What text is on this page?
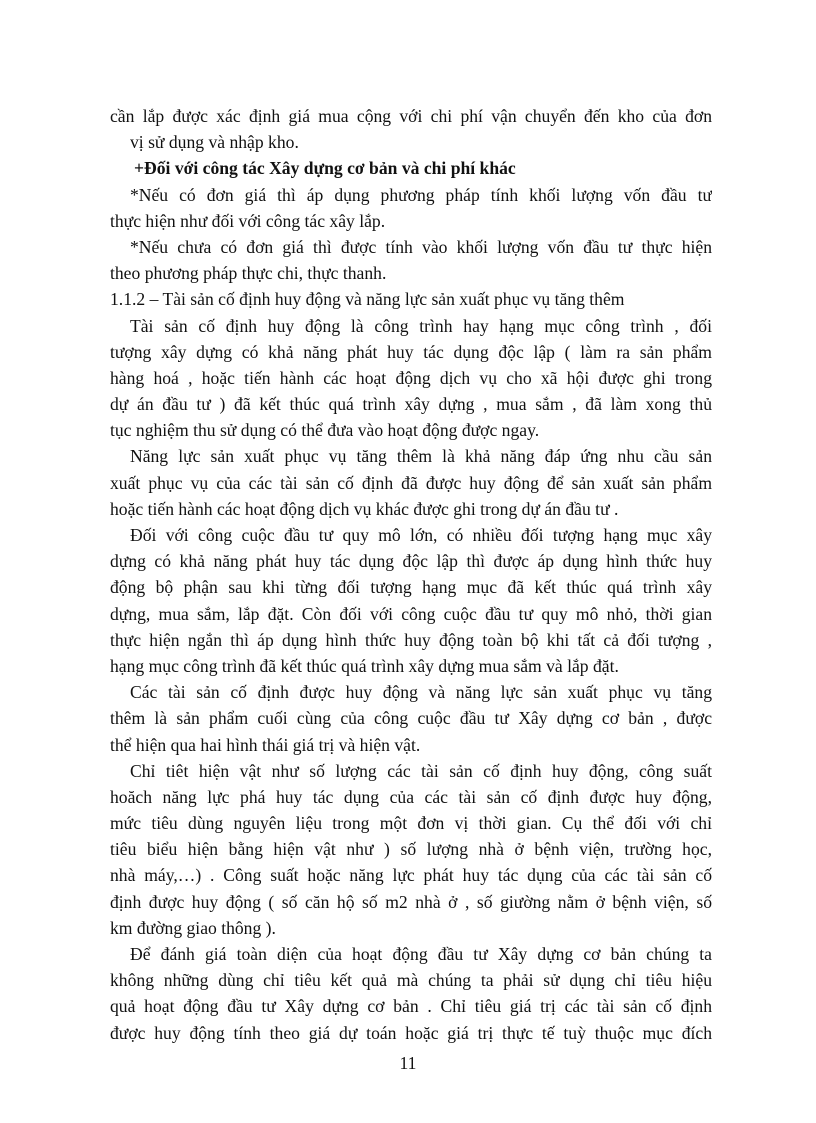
cần lắp được xác định giá mua cộng với chi phí vận chuyển đến kho của đơn
vị sử dụng và nhập kho.
+Đối với công tác Xây dựng cơ bản và chi phí khác
*Nếu có đơn giá thì áp dụng phương pháp tính khối lượng vốn đầu tư
thực hiện như đối với công tác xây lắp.
*Nếu chưa có đơn giá thì được tính vào khối lượng vốn đầu tư thực hiện
theo phương pháp thực chi, thực thanh.
1.1.2 – Tài sản cố định huy động và năng lực sản xuất phục vụ tăng thêm
Tài sản cố định huy động là công trình hay hạng mục công trình , đối
tượng xây dựng có khả năng phát huy tác dụng độc lập ( làm ra sản phẩm
hàng hoá , hoặc tiến hành các hoạt động dịch vụ cho xã hội được ghi trong
dự án đầu tư ) đã kết thúc quá trình xây dựng , mua sắm , đã làm xong thủ
tục nghiệm thu sử dụng có thể đưa vào hoạt động được ngay.
Năng lực sản xuất phục vụ tăng thêm là khả năng đáp ứng nhu cầu sản
xuất phục vụ của các tài sản cố định đã được huy động để sản xuất sản phẩm
hoặc tiến hành các hoạt động dịch vụ khác được ghi trong dự án đầu tư .
Đối với công cuộc đầu tư quy mô lớn, có nhiều đối tượng hạng mục xây
dựng có khả năng phát huy tác dụng độc lập thì được áp dụng hình thức huy
động bộ phận sau khi từng đối tượng hạng mục đã kết thúc quá trình xây
dựng, mua sắm, lắp đặt. Còn đối với công cuộc đầu tư quy mô nhỏ, thời gian
thực hiện ngắn thì áp dụng hình thức huy động toàn bộ khi tất cả đối tượng ,
hạng mục công trình đã kết thúc quá trình xây dựng mua sắm và lắp đặt.
Các tài sản cố định được huy động và năng lực sản xuất phục vụ tăng
thêm là sản phẩm cuối cùng của công cuộc đầu tư Xây dựng cơ bản , được
thể hiện qua hai hình thái giá trị và hiện vật.
Chỉ tiêt hiện vật như số lượng các tài sản cố định huy động, công suất
hoăch năng lực phá huy tác dụng của các tài sản cố định được huy động,
mức tiêu dùng nguyên liệu trong một đơn vị thời gian. Cụ thể đối với chỉ
tiêu biểu hiện bằng hiện vật như ) số lượng nhà ở bệnh viện, trường học,
nhà máy,…) . Công suất hoặc năng lực phát huy tác dụng của các tài sản cố
định được huy động ( số căn hộ số m2 nhà ở , số giường nằm ở bệnh viện, số
km đường giao thông ).
Để đánh giá toàn diện của hoạt động đầu tư Xây dựng cơ bản chúng ta
không những dùng chỉ tiêu kết quả mà chúng ta phải sử dụng chỉ tiêu hiệu
quả hoạt động đầu tư Xây dựng cơ bản . Chỉ tiêu giá trị các tài sản cố định
được huy động tính theo giá dự toán hoặc giá trị thực tế tuỳ thuộc mục đích
11
